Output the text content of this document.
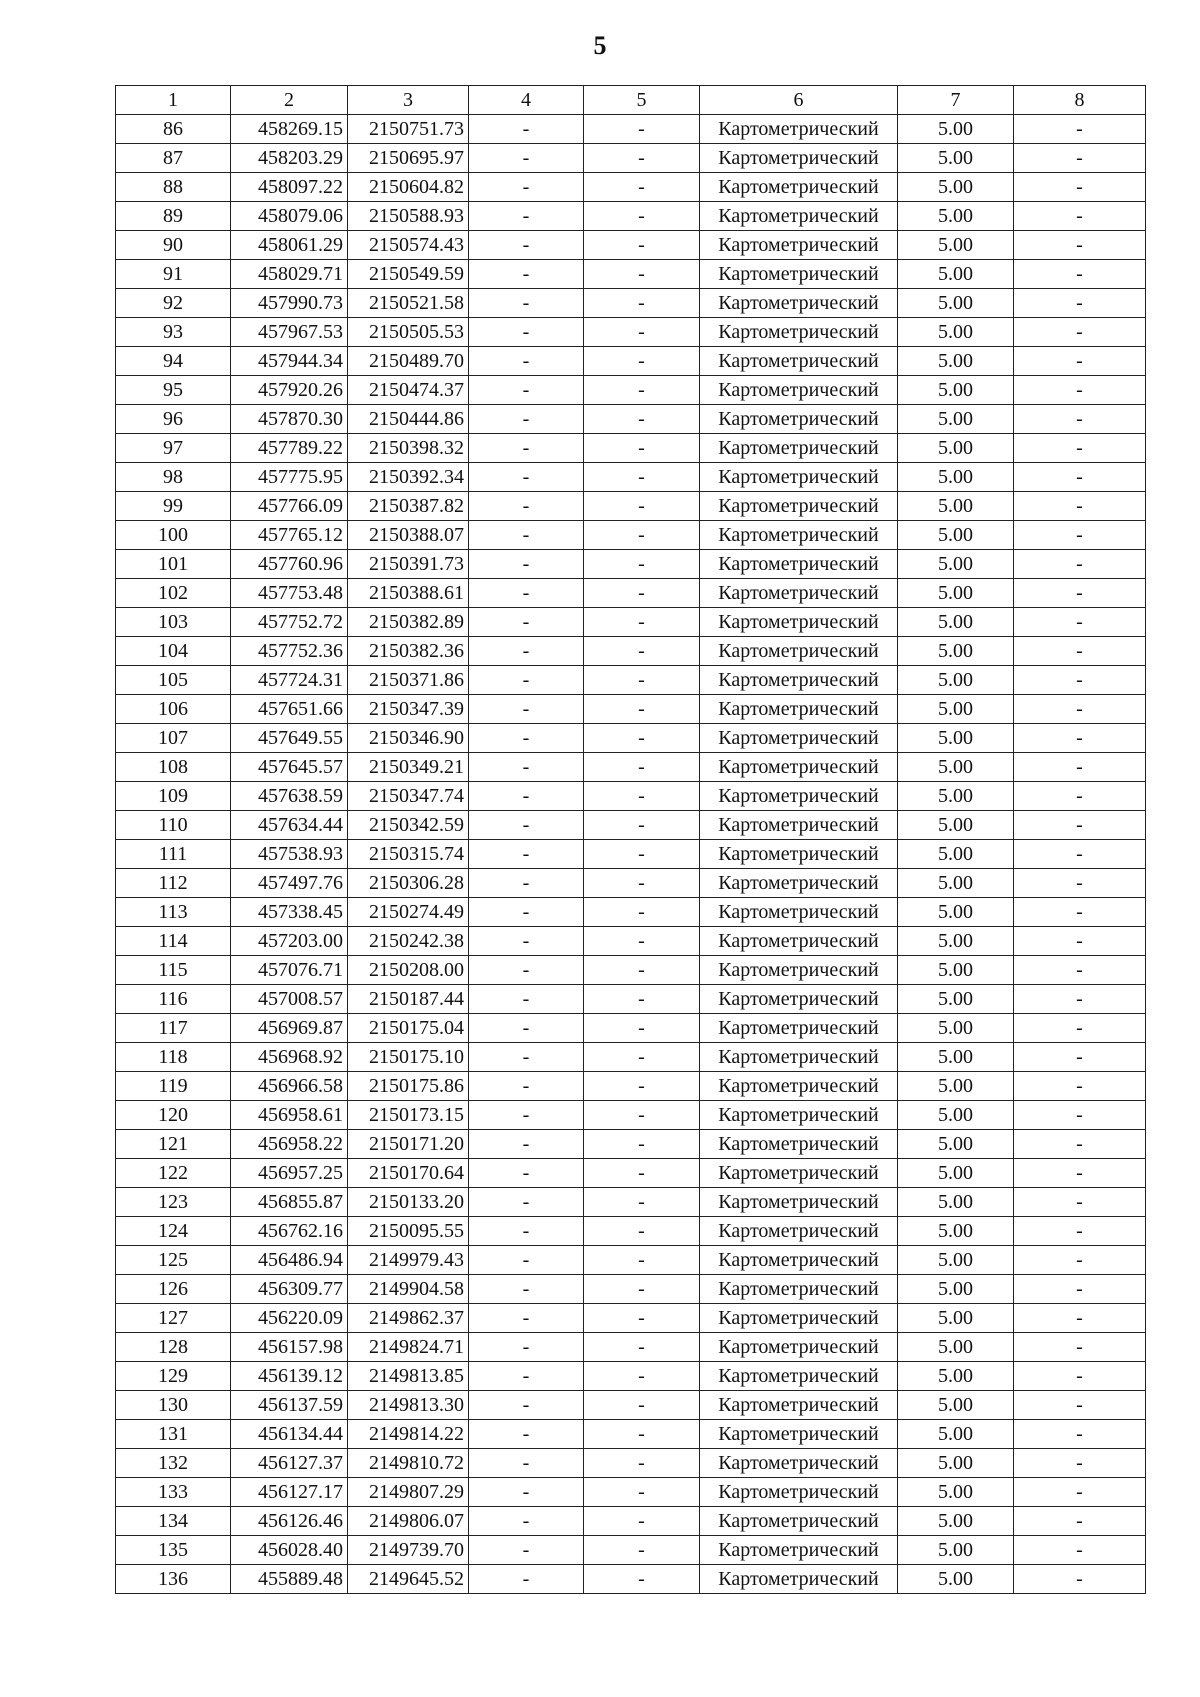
5
1	2	3	4	5	6	7	8
86	458269.15	2150751.73	-	-	Картометрический	5.00	-
87	458203.29	2150695.97	-	-	Картометрический	5.00	-
88	458097.22	2150604.82	-	-	Картометрический	5.00	-
89	458079.06	2150588.93	-	-	Картометрический	5.00	-
90	458061.29	2150574.43	-	-	Картометрический	5.00	-
91	458029.71	2150549.59	-	-	Картометрический	5.00	-
92	457990.73	2150521.58	-	-	Картометрический	5.00	-
93	457967.53	2150505.53	-	-	Картометрический	5.00	-
94	457944.34	2150489.70	-	-	Картометрический	5.00	-
95	457920.26	2150474.37	-	-	Картометрический	5.00	-
96	457870.30	2150444.86	-	-	Картометрический	5.00	-
97	457789.22	2150398.32	-	-	Картометрический	5.00	-
98	457775.95	2150392.34	-	-	Картометрический	5.00	-
99	457766.09	2150387.82	-	-	Картометрический	5.00	-
100	457765.12	2150388.07	-	-	Картометрический	5.00	-
101	457760.96	2150391.73	-	-	Картометрический	5.00	-
102	457753.48	2150388.61	-	-	Картометрический	5.00	-
103	457752.72	2150382.89	-	-	Картометрический	5.00	-
104	457752.36	2150382.36	-	-	Картометрический	5.00	-
105	457724.31	2150371.86	-	-	Картометрический	5.00	-
106	457651.66	2150347.39	-	-	Картометрический	5.00	-
107	457649.55	2150346.90	-	-	Картометрический	5.00	-
108	457645.57	2150349.21	-	-	Картометрический	5.00	-
109	457638.59	2150347.74	-	-	Картометрический	5.00	-
110	457634.44	2150342.59	-	-	Картометрический	5.00	-
111	457538.93	2150315.74	-	-	Картометрический	5.00	-
112	457497.76	2150306.28	-	-	Картометрический	5.00	-
113	457338.45	2150274.49	-	-	Картометрический	5.00	-
114	457203.00	2150242.38	-	-	Картометрический	5.00	-
115	457076.71	2150208.00	-	-	Картометрический	5.00	-
116	457008.57	2150187.44	-	-	Картометрический	5.00	-
117	456969.87	2150175.04	-	-	Картометрический	5.00	-
118	456968.92	2150175.10	-	-	Картометрический	5.00	-
119	456966.58	2150175.86	-	-	Картометрический	5.00	-
120	456958.61	2150173.15	-	-	Картометрический	5.00	-
121	456958.22	2150171.20	-	-	Картометрический	5.00	-
122	456957.25	2150170.64	-	-	Картометрический	5.00	-
123	456855.87	2150133.20	-	-	Картометрический	5.00	-
124	456762.16	2150095.55	-	-	Картометрический	5.00	-
125	456486.94	2149979.43	-	-	Картометрический	5.00	-
126	456309.77	2149904.58	-	-	Картометрический	5.00	-
127	456220.09	2149862.37	-	-	Картометрический	5.00	-
128	456157.98	2149824.71	-	-	Картометрический	5.00	-
129	456139.12	2149813.85	-	-	Картометрический	5.00	-
130	456137.59	2149813.30	-	-	Картометрический	5.00	-
131	456134.44	2149814.22	-	-	Картометрический	5.00	-
132	456127.37	2149810.72	-	-	Картометрический	5.00	-
133	456127.17	2149807.29	-	-	Картометрический	5.00	-
134	456126.46	2149806.07	-	-	Картометрический	5.00	-
135	456028.40	2149739.70	-	-	Картометрический	5.00	-
136	455889.48	2149645.52	-	-	Картометрический	5.00	-
